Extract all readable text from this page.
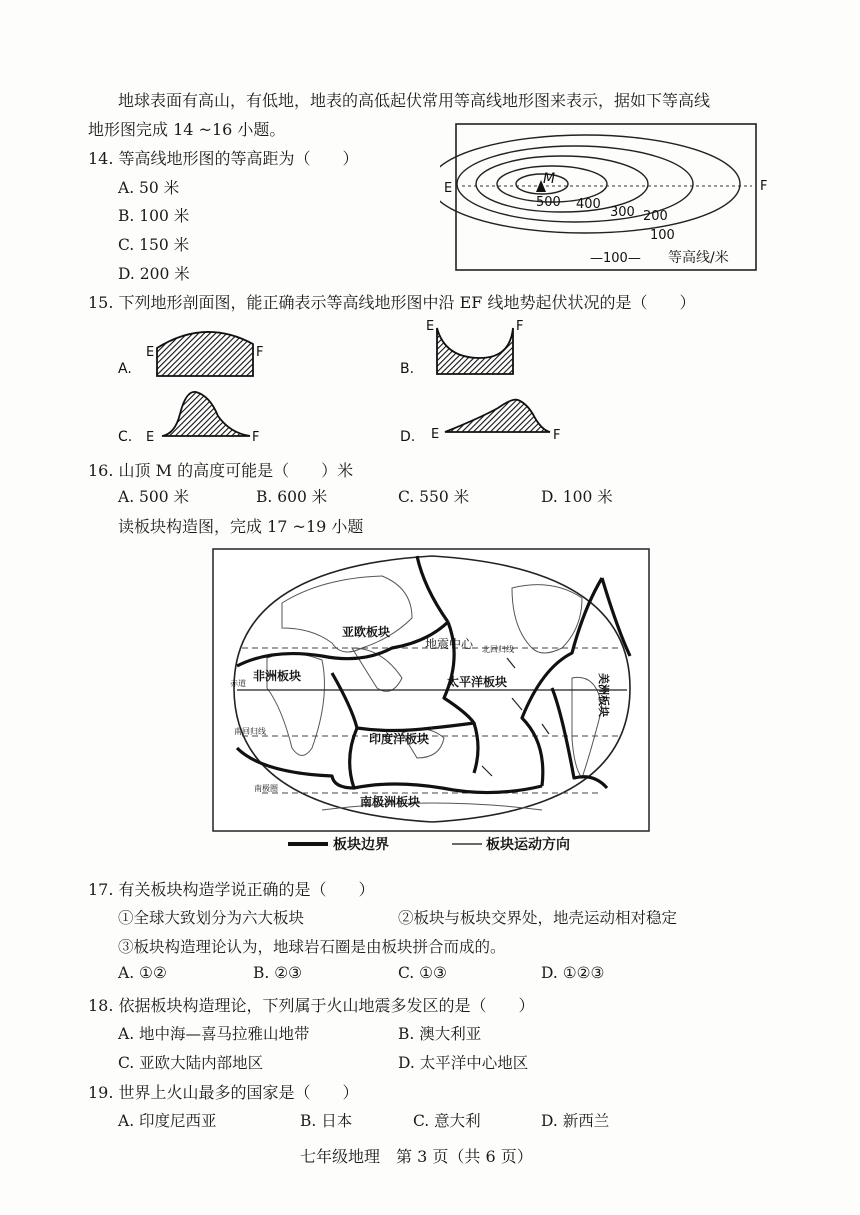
地球表面有高山，有低地，地表的高低起伏常用等高线地形图来表示，据如下等高线
地形图完成 14 ~16 小题。
14. 等高线地形图的等高距为（　　）
A. 50 米
B. 100 米
C. 150 米
D. 200 米
M
E	F
500 400
300 200
100
—100— 等高线/米
15. 下列地形剖面图，能正确表示等高线地形图中沿 EF 线地势起伏状况的是（　　）
A.
E	F
B.
E	F
C. E	F	D. E	F
16. 山顶 M 的高度可能是（　　）米
A. 500 米	B. 600 米	C. 550 米	D. 100 米
读板块构造图，完成 17 ~19 小题
亚欧板块
非洲板块	太平洋板块
印度洋板块
南极洲板块
美洲板块
地震中心 北回归线
赤道
南回归线
南极圈
板块边界	板块运动方向
17. 有关板块构造学说正确的是（　　）
①全球大致划分为六大板块	②板块与板块交界处，地壳运动相对稳定
③板块构造理论认为，地球岩石圈是由板块拼合而成的。
A. ①②	B. ②③	C. ①③	D. ①②③
18. 依据板块构造理论，下列属于火山地震多发区的是（　　）
A. 地中海—喜马拉雅山地带	B. 澳大利亚
C. 亚欧大陆内部地区	D. 太平洋中心地区
19. 世界上火山最多的国家是（　　）
A. 印度尼西亚	B. 日本	C. 意大利	D. 新西兰
七年级地理　第 3 页（共 6 页）
